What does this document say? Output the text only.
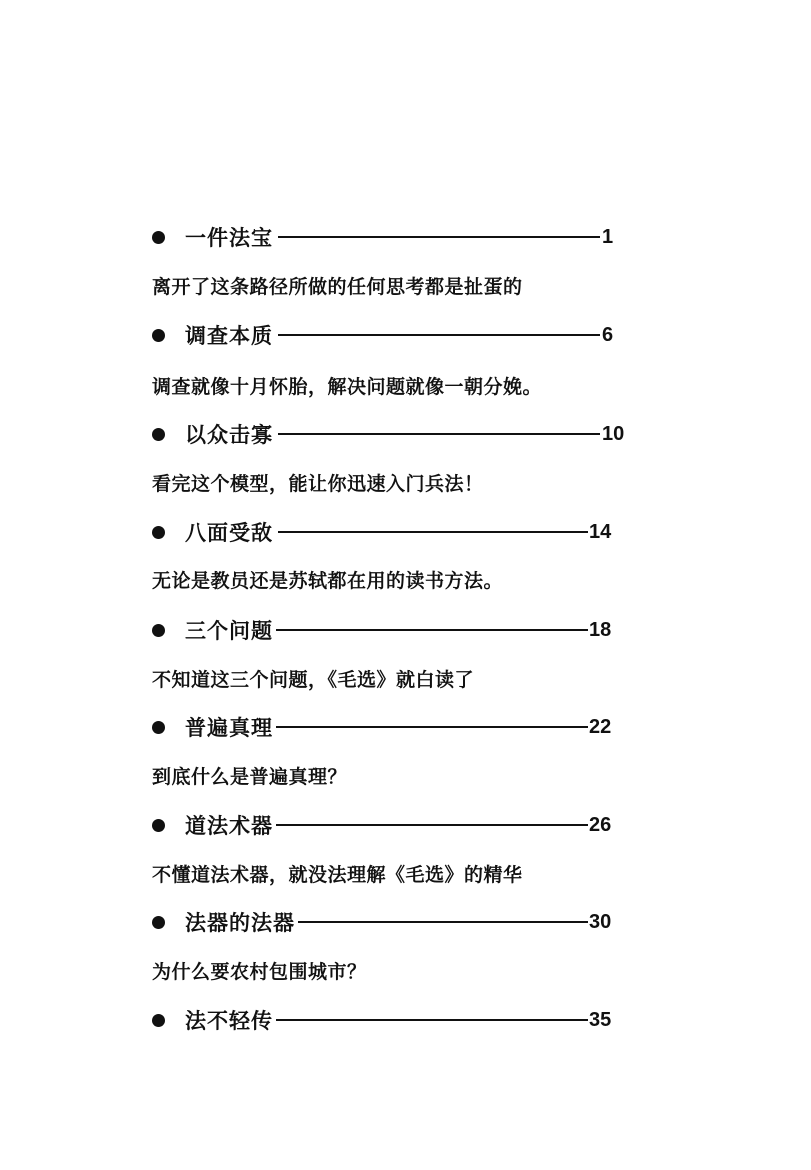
一件法宝	1
离开了这条路径所做的任何思考都是扯蛋的
调查本质	6
调查就像十月怀胎，解决问题就像一朝分娩。
以众击寡	10
看完这个模型，能让你迅速入门兵法！
八面受敌	14
无论是教员还是苏轼都在用的读书方法。
三个问题	18
不知道这三个问题，《毛选》就白读了
普遍真理	22
到底什么是普遍真理？
道法术器	26
不懂道法术器，就没法理解《毛选》的精华
法器的法器	30
为什么要农村包围城市？
法不轻传	35
